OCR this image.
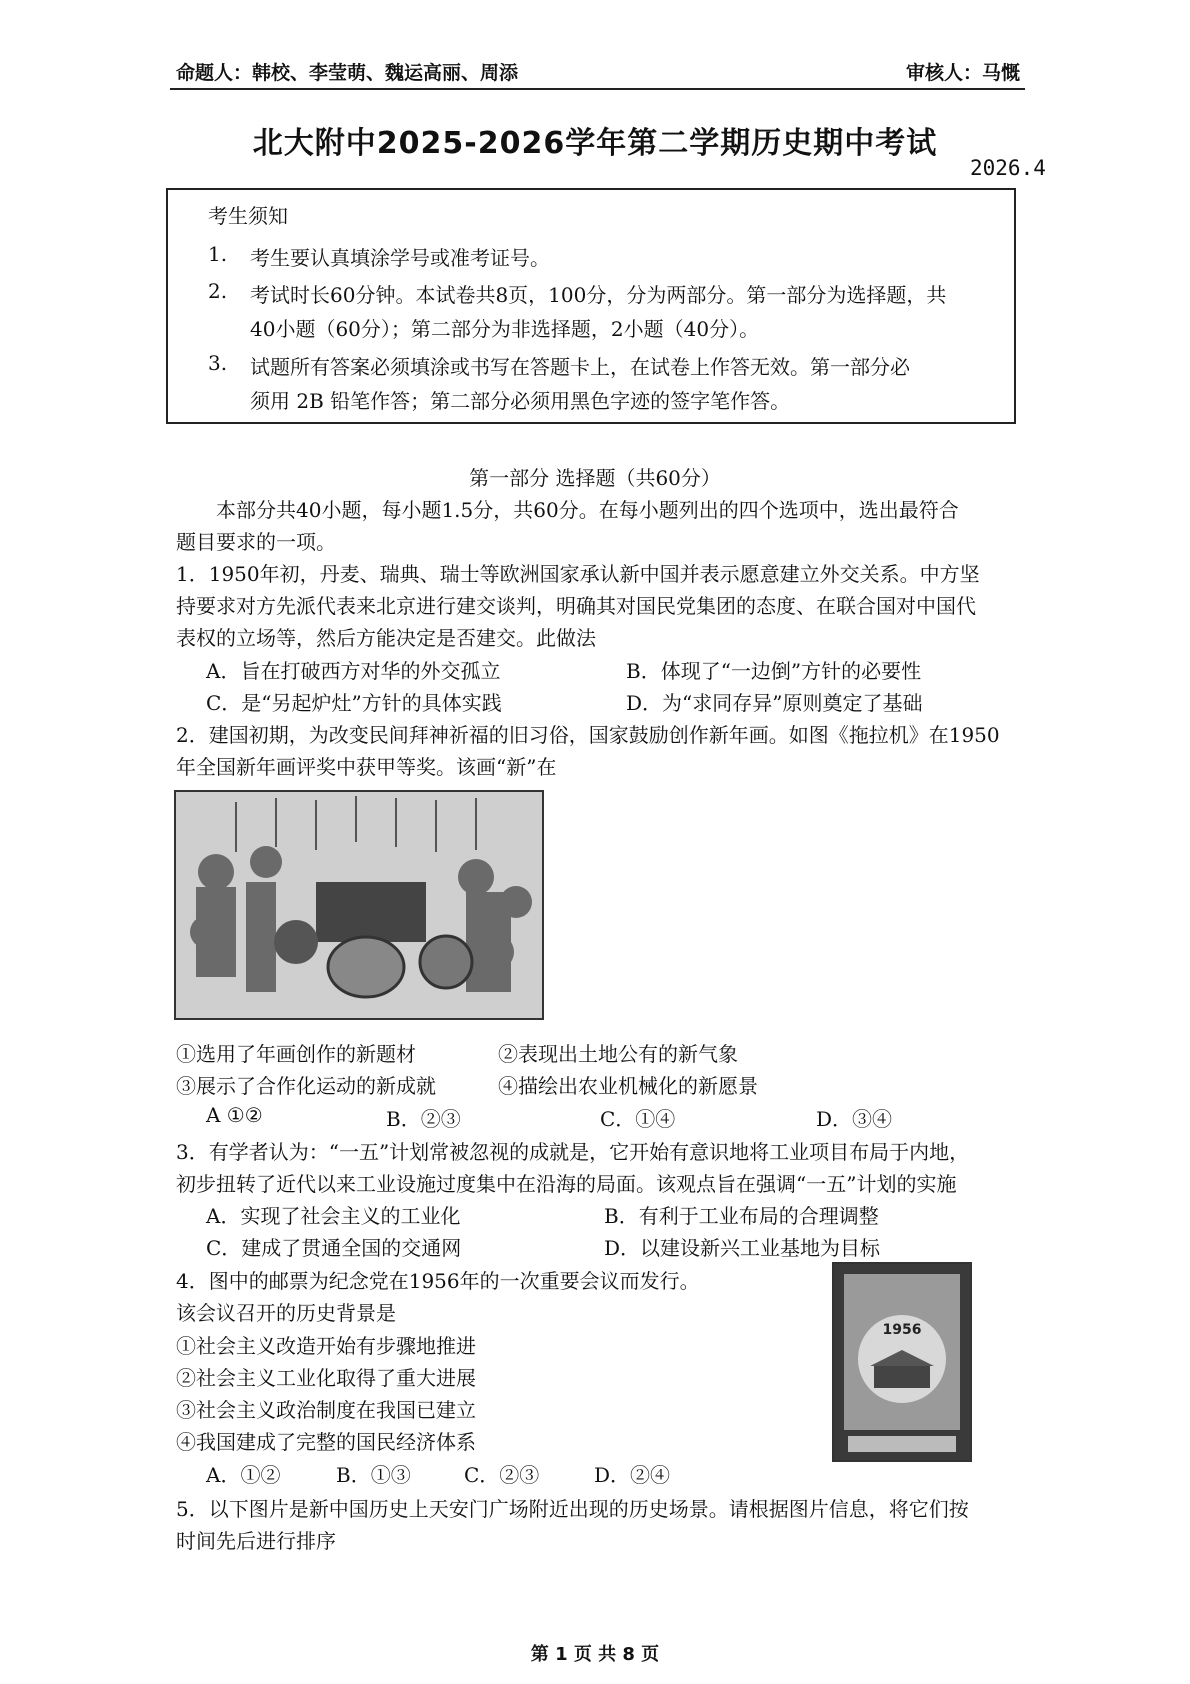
命题人：韩校、李莹萌、魏运高丽、周添	审核人：马慨
北大附中2025-2026学年第二学期历史期中考试
2026.4
考生须知
1. 考生要认真填涂学号或准考证号。
2. 考试时长60分钟。本试卷共8页，100分，分为两部分。第一部分为选择题，共
40小题（60分）；第二部分为非选择题，2小题（40分）。
3. 试题所有答案必须填涂或书写在答题卡上，在试卷上作答无效。第一部分必
须用 2B 铅笔作答；第二部分必须用黑色字迹的签字笔作答。
第一部分 选择题（共60分）
本部分共40小题，每小题1.5分，共60分。在每小题列出的四个选项中，选出最符合
题目要求的一项。
1．1950年初，丹麦、瑞典、瑞士等欧洲国家承认新中国并表示愿意建立外交关系。中方坚
持要求对方先派代表来北京进行建交谈判，明确其对国民党集团的态度、在联合国对中国代
表权的立场等，然后方能决定是否建交。此做法
A．旨在打破西方对华的外交孤立	B．体现了“一边倒”方针的必要性
C．是“另起炉灶”方针的具体实践	D．为“求同存异”原则奠定了基础
2．建国初期，为改变民间拜神祈福的旧习俗，国家鼓励创作新年画。如图《拖拉机》在1950
年全国新年画评奖中获甲等奖。该画“新”在
①选用了年画创作的新题材	②表现出土地公有的新气象
③展示了合作化运动的新成就	④描绘出农业机械化的新愿景
A ①②	B．②③	C．①④	D．③④
3．有学者认为：“一五”计划常被忽视的成就是，它开始有意识地将工业项目布局于内地，
初步扭转了近代以来工业设施过度集中在沿海的局面。该观点旨在强调“一五”计划的实施
A．实现了社会主义的工业化	B．有利于工业布局的合理调整
C．建成了贯通全国的交通网	D．以建设新兴工业基地为目标
4．图中的邮票为纪念党在1956年的一次重要会议而发行。
该会议召开的历史背景是
①社会主义改造开始有步骤地推进
②社会主义工业化取得了重大进展
③社会主义政治制度在我国已建立
④我国建成了完整的国民经济体系
A．①②	B．①③	C．②③	D．②④
1956
5．以下图片是新中国历史上天安门广场附近出现的历史场景。请根据图片信息，将它们按
时间先后进行排序
第 1 页 共 8 页
